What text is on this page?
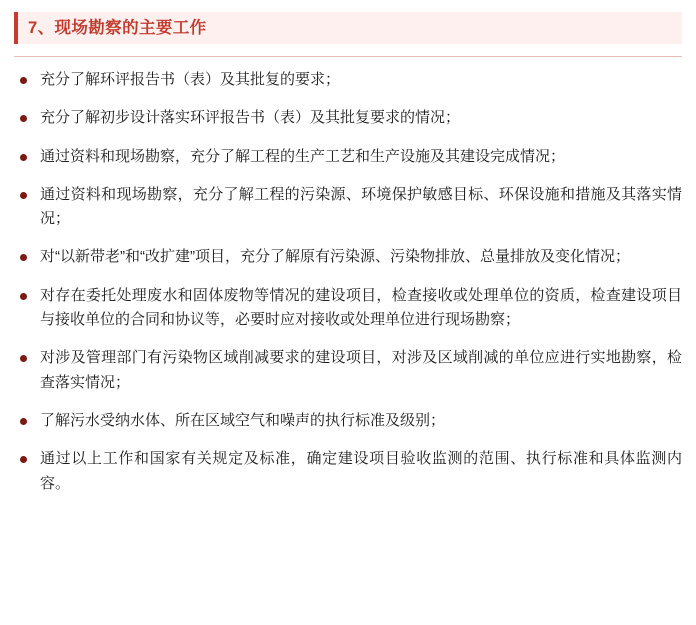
7、现场勘察的主要工作
充分了解环评报告书（表）及其批复的要求；
充分了解初步设计落实环评报告书（表）及其批复要求的情况；
通过资料和现场勘察，充分了解工程的生产工艺和生产设施及其建设完成情况；
通过资料和现场勘察，充分了解工程的污染源、环境保护敏感目标、环保设施和措施及其落实情况；
对“以新带老”和“改扩建”项目，充分了解原有污染源、污染物排放、总量排放及变化情况；
对存在委托处理废水和固体废物等情况的建设项目，检查接收或处理单位的资质，检查建设项目与接收单位的合同和协议等，必要时应对接收或处理单位进行现场勘察；
对涉及管理部门有污染物区域削减要求的建设项目，对涉及区域削减的单位应进行实地勘察，检查落实情况；
了解污水受纳水体、所在区域空气和噪声的执行标准及级别；
通过以上工作和国家有关规定及标准，确定建设项目验收监测的范围、执行标准和具体监测内容。
